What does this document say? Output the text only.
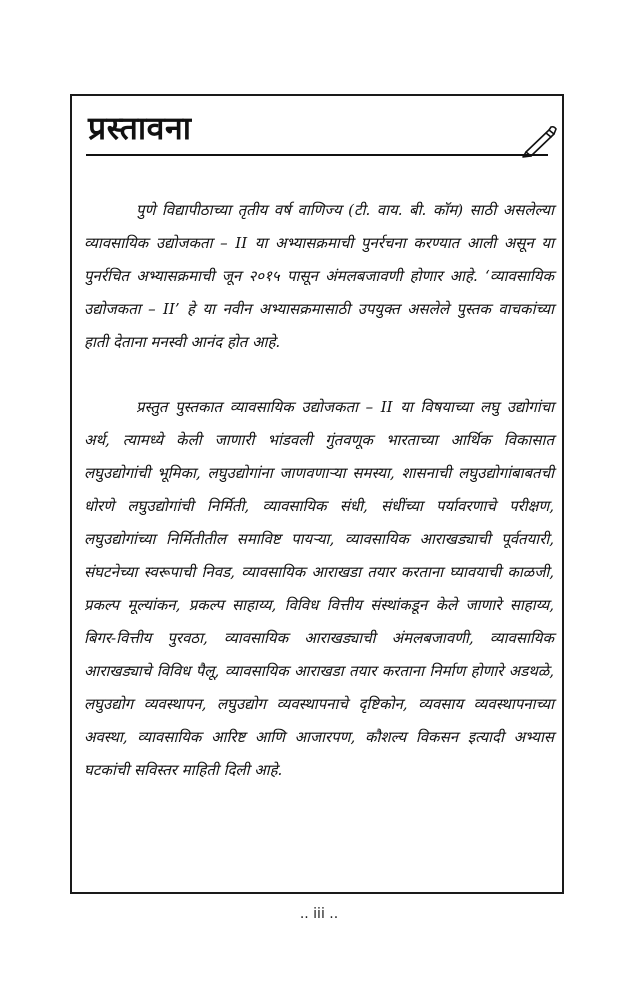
प्रस्तावना

पुणे विद्यापीठाच्या तृतीय वर्ष वाणिज्य (टी. वाय. बी. कॉम) साठी असलेल्या व्यावसायिक उद्योजकता – II या अभ्यासक्रमाची पुनर्रचना करण्यात आली असून या पुनर्रचित अभ्यासक्रमाची जून २०१५ पासून अंमलबजावणी होणार आहे. ‘व्यावसायिक उद्योजकता – II’ हे या नवीन अभ्यासक्रमासाठी उपयुक्त असलेले पुस्तक वाचकांच्या हाती देताना मनस्वी आनंद होत आहे.

प्रस्तुत पुस्तकात व्यावसायिक उद्योजकता – II या विषयाच्या लघु उद्योगांचा अर्थ, त्यामध्ये केली जाणारी भांडवली गुंतवणूक भारताच्या आर्थिक विकासात लघुउद्योगांची भूमिका, लघुउद्योगांना जाणवणाऱ्या समस्या, शासनाची लघुउद्योगांबाबतची धोरणे लघुउद्योगांची निर्मिती, व्यावसायिक संधी, संधींच्या पर्यावरणाचे परीक्षण, लघुउद्योगांच्या निर्मितीतील समाविष्ट पायऱ्या, व्यावसायिक आराखड्याची पूर्वतयारी, संघटनेच्या स्वरूपाची निवड, व्यावसायिक आराखडा तयार करताना घ्यावयाची काळजी, प्रकल्प मूल्यांकन, प्रकल्प साहाय्य, विविध वित्तीय संस्थांकडून केले जाणारे साहाय्य, बिगर-वित्तीय पुरवठा, व्यावसायिक आराखड्याची अंमलबजावणी, व्यावसायिक आराखड्याचे विविध पैलू, व्यावसायिक आराखडा तयार करताना निर्माण होणारे अडथळे, लघुउद्योग व्यवस्थापन, लघुउद्योग व्यवस्थापनाचे दृष्टिकोन, व्यवसाय व्यवस्थापनाच्या अवस्था, व्यावसायिक आरिष्ट आणि आजारपण, कौशल्य विकसन इत्यादी अभ्यास घटकांची सविस्तर माहिती दिली आहे.

.. iii ..
